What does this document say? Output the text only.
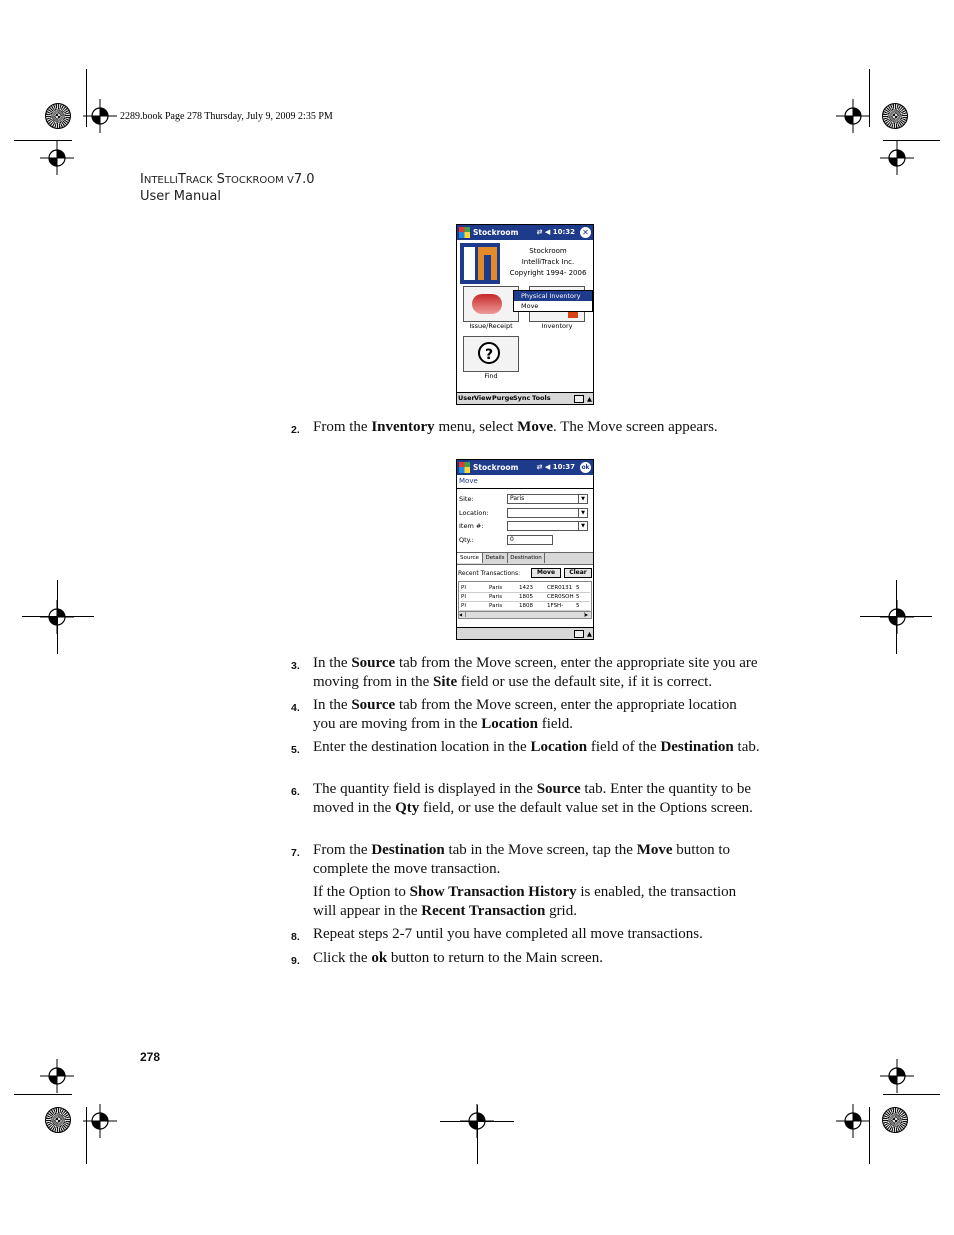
2289.book Page 278 Thursday, July 9, 2009 2:35 PM
INTELLITRACK STOCKROOM V7.0
User Manual
Stockroom	⇄ ◀ 10:32 ✕
Stockroom
IntelliTrack Inc.
Copyright 1994- 2006
Issue/Receipt	Inventory
Physical Inventory
Move
?
Find
User View Purge Sync Tools	▲
2. From the Inventory menu, select Move. The Move screen appears.
Stockroom	⇄ ◀ 10:37 ok
Move
Site:	Paris	▼
Location:	▼
Item #:	▼
Qty.:	0
Source	Details	Destination
Recent Transactions:	Move	Clear
PI	Paris	1423	CER0131 5
PI	Paris	1805	CER0SOH 5
PI	Paris	1808	1FSH- 5
◀	▶
▲
3. In the Source tab from the Move screen, enter the appropriate site you are moving from in the Site field or use the default site, if it is correct.
4. In the Source tab from the Move screen, enter the appropriate location you are moving from in the Location field.
5. Enter the destination location in the Location field of the Destination tab.
6. The quantity field is displayed in the Source tab. Enter the quantity to be moved in the Qty field, or use the default value set in the Options screen.
7. From the Destination tab in the Move screen, tap the Move button to complete the move transaction.
If the Option to Show Transaction History is enabled, the transaction will appear in the Recent Transaction grid.
8. Repeat steps 2-7 until you have completed all move transactions.
9. Click the ok button to return to the Main screen.
278
